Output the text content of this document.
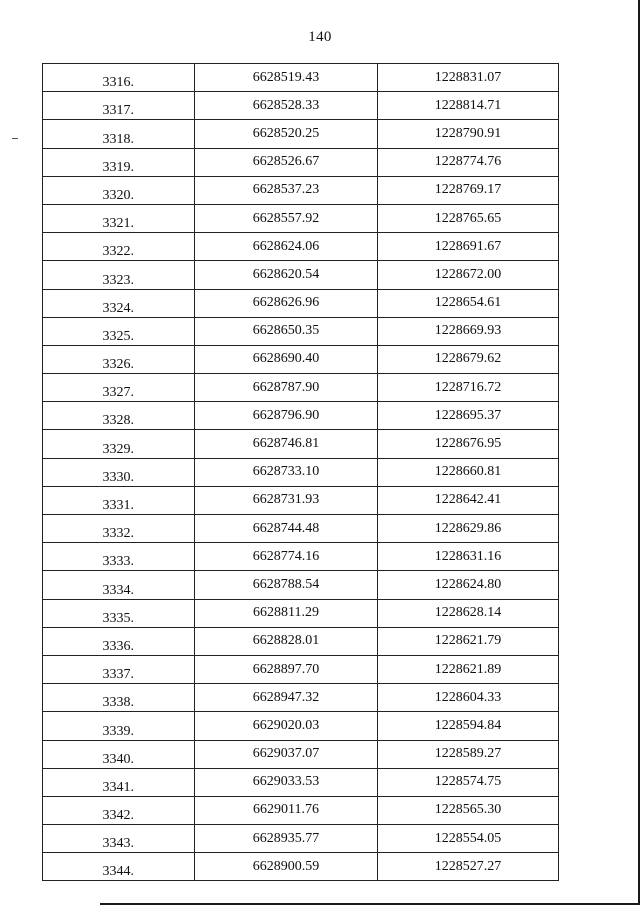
140
3316.	6628519.43	1228831.07
3317.	6628528.33	1228814.71
3318.	6628520.25	1228790.91
3319.	6628526.67	1228774.76
3320.	6628537.23	1228769.17
3321.	6628557.92	1228765.65
3322.	6628624.06	1228691.67
3323.	6628620.54	1228672.00
3324.	6628626.96	1228654.61
3325.	6628650.35	1228669.93
3326.	6628690.40	1228679.62
3327.	6628787.90	1228716.72
3328.	6628796.90	1228695.37
3329.	6628746.81	1228676.95
3330.	6628733.10	1228660.81
3331.	6628731.93	1228642.41
3332.	6628744.48	1228629.86
3333.	6628774.16	1228631.16
3334.	6628788.54	1228624.80
3335.	6628811.29	1228628.14
3336.	6628828.01	1228621.79
3337.	6628897.70	1228621.89
3338.	6628947.32	1228604.33
3339.	6629020.03	1228594.84
3340.	6629037.07	1228589.27
3341.	6629033.53	1228574.75
3342.	6629011.76	1228565.30
3343.	6628935.77	1228554.05
3344.	6628900.59	1228527.27
